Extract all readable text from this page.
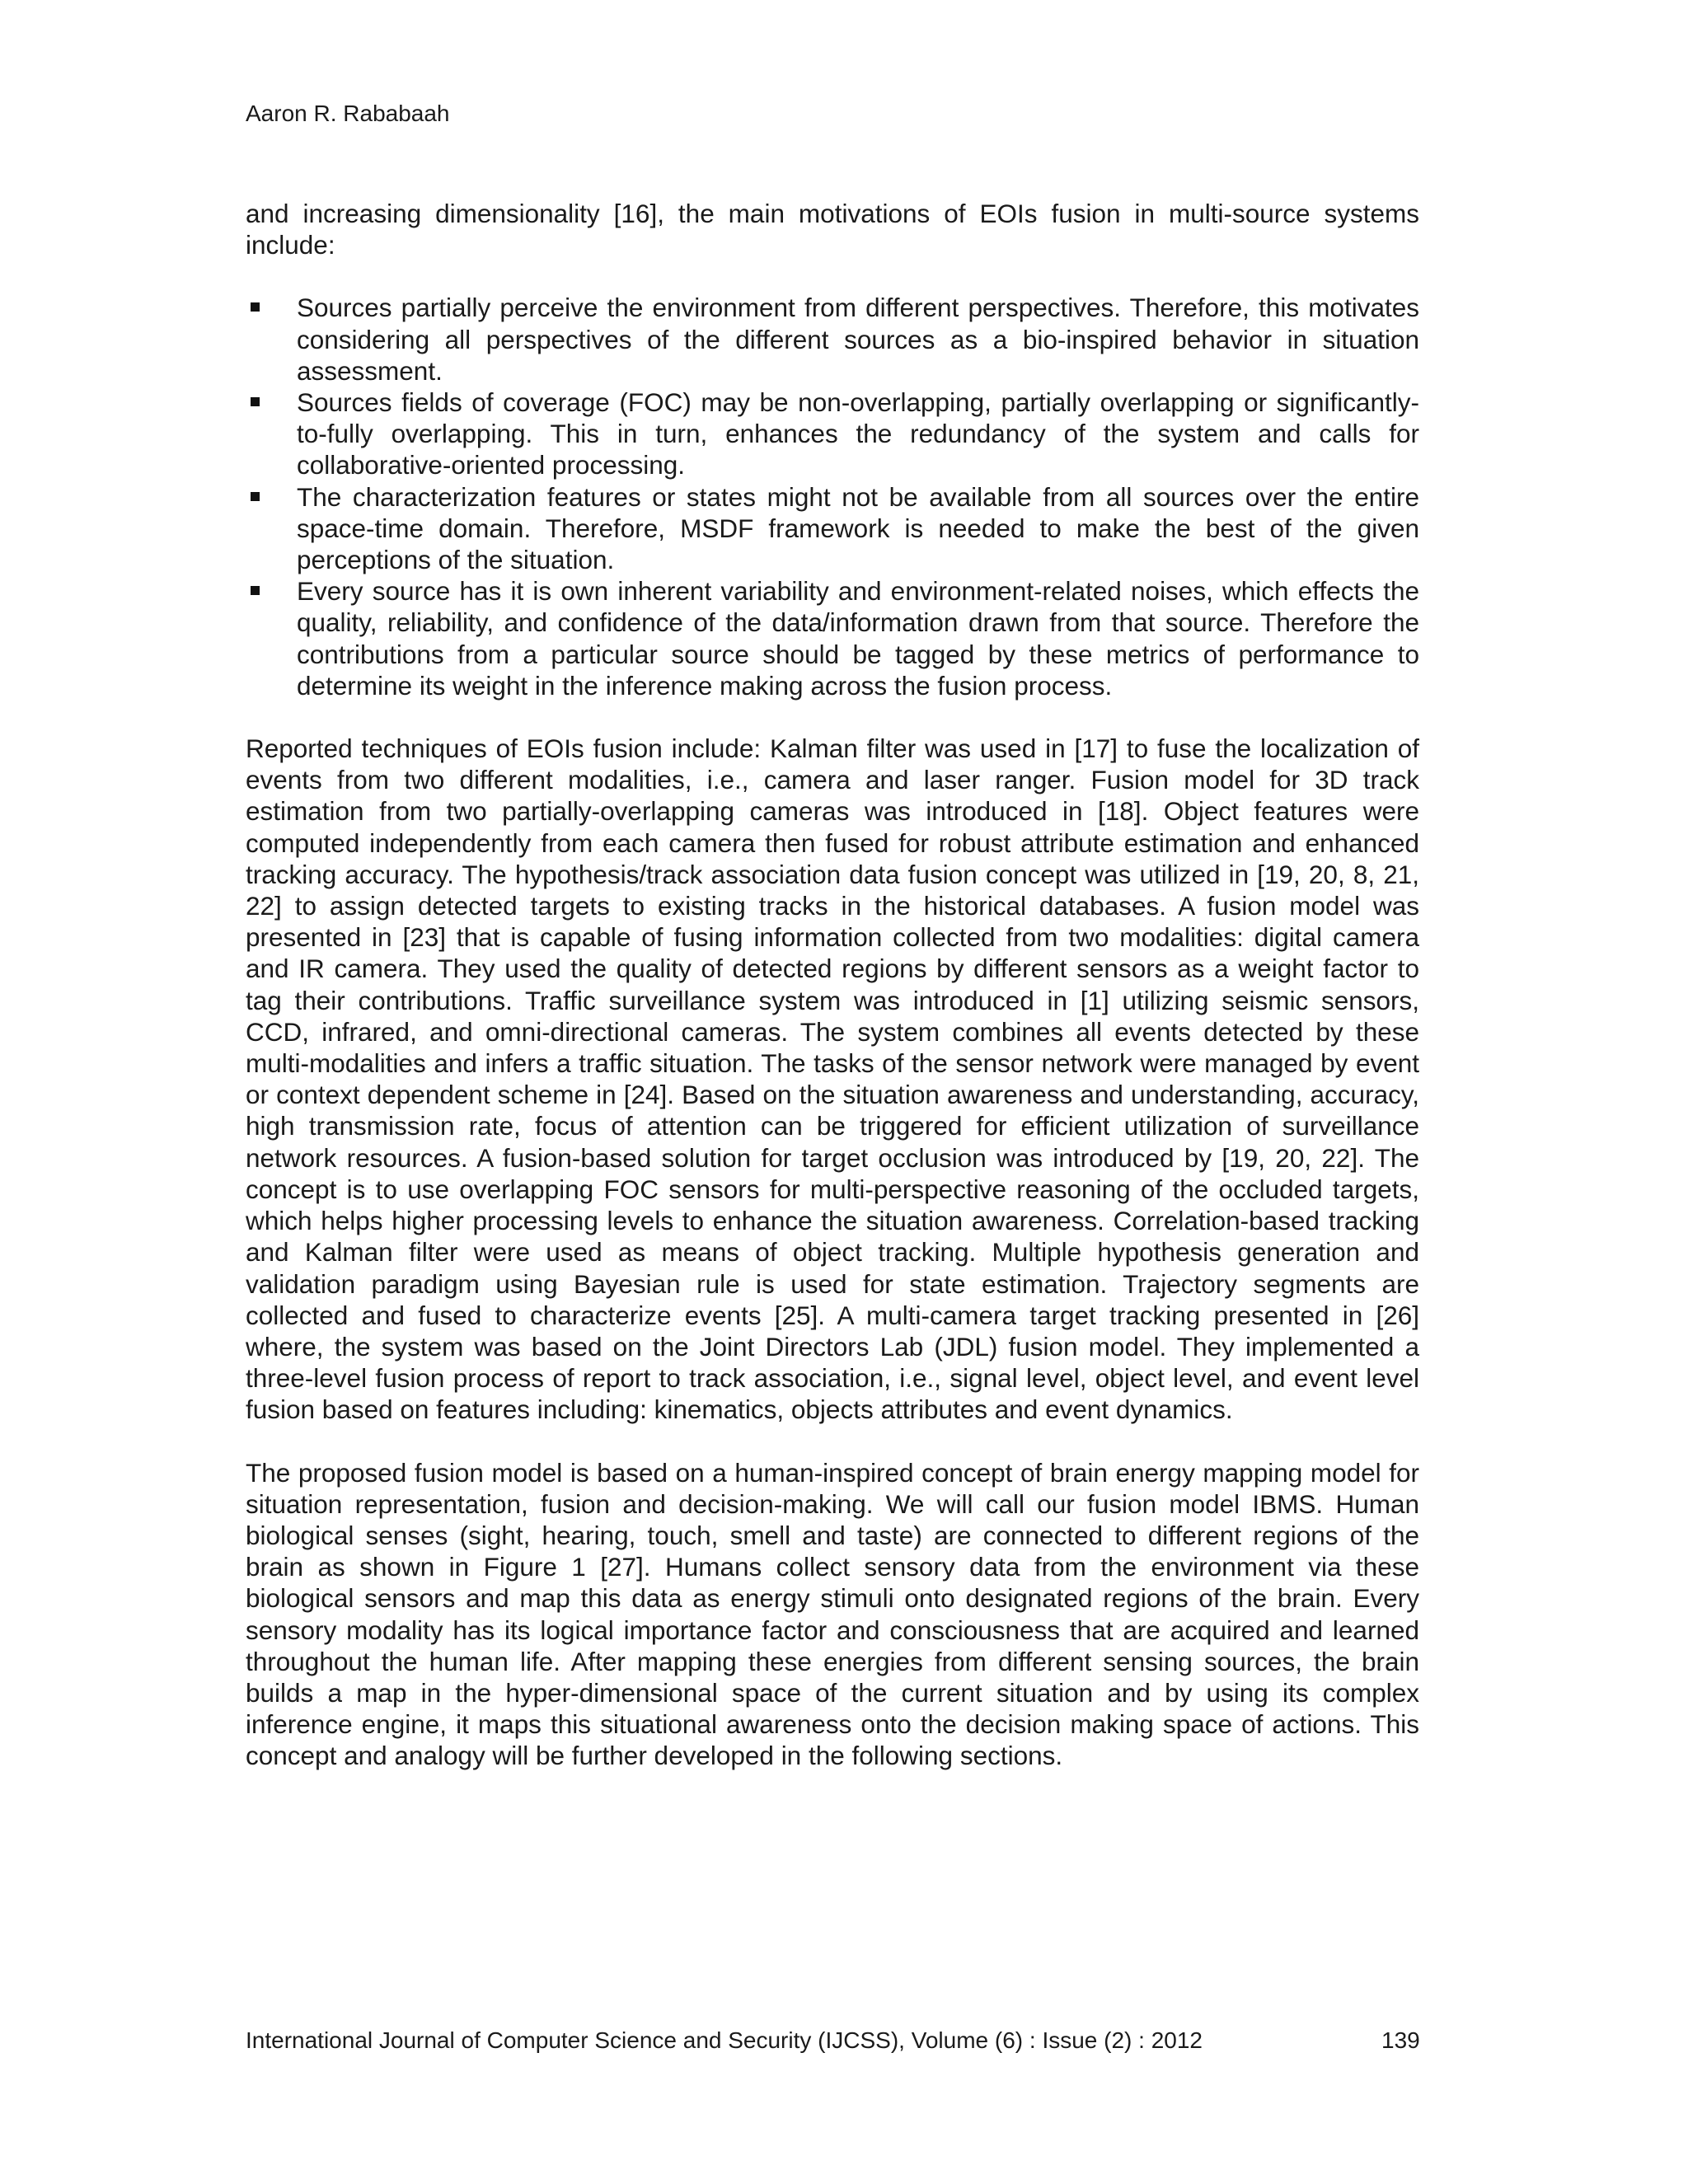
Aaron R. Rababaah

and increasing dimensionality [16], the main motivations of EOIs fusion in multi-source systems include:

Sources partially perceive the environment from different perspectives. Therefore, this motivates considering all perspectives of the different sources as a bio-inspired behavior in situation assessment.
Sources fields of coverage (FOC) may be non-overlapping, partially overlapping or significantly-to-fully overlapping. This in turn, enhances the redundancy of the system and calls for collaborative-oriented processing.
The characterization features or states might not be available from all sources over the entire space-time domain. Therefore, MSDF framework is needed to make the best of the given perceptions of the situation.
Every source has it is own inherent variability and environment-related noises, which effects the quality, reliability, and confidence of the data/information drawn from that source. Therefore the contributions from a particular source should be tagged by these metrics of performance to determine its weight in the inference making across the fusion process.

Reported techniques of EOIs fusion include: Kalman filter was used in [17] to fuse the localization of events from two different modalities, i.e., camera and laser ranger. Fusion model for 3D track estimation from two partially-overlapping cameras was introduced in [18]. Object features were computed independently from each camera then fused for robust attribute estimation and enhanced tracking accuracy. The hypothesis/track association data fusion concept was utilized in [19, 20, 8, 21, 22] to assign detected targets to existing tracks in the historical databases. A fusion model was presented in [23] that is capable of fusing information collected from two modalities: digital camera and IR camera. They used the quality of detected regions by different sensors as a weight factor to tag their contributions. Traffic surveillance system was introduced in [1] utilizing seismic sensors, CCD, infrared, and omni-directional cameras. The system combines all events detected by these multi-modalities and infers a traffic situation. The tasks of the sensor network were managed by event or context dependent scheme in [24]. Based on the situation awareness and understanding, accuracy, high transmission rate, focus of attention can be triggered for efficient utilization of surveillance network resources. A fusion-based solution for target occlusion was introduced by [19, 20, 22]. The concept is to use overlapping FOC sensors for multi-perspective reasoning of the occluded targets, which helps higher processing levels to enhance the situation awareness. Correlation-based tracking and Kalman filter were used as means of object tracking. Multiple hypothesis generation and validation paradigm using Bayesian rule is used for state estimation. Trajectory segments are collected and fused to characterize events [25]. A multi-camera target tracking presented in [26] where, the system was based on the Joint Directors Lab (JDL) fusion model. They implemented a three-level fusion process of report to track association, i.e., signal level, object level, and event level fusion based on features including: kinematics, objects attributes and event dynamics.

The proposed fusion model is based on a human-inspired concept of brain energy mapping model for situation representation, fusion and decision-making. We will call our fusion model IBMS. Human biological senses (sight, hearing, touch, smell and taste) are connected to different regions of the brain as shown in Figure 1 [27]. Humans collect sensory data from the environment via these biological sensors and map this data as energy stimuli onto designated regions of the brain. Every sensory modality has its logical importance factor and consciousness that are acquired and learned throughout the human life. After mapping these energies from different sensing sources, the brain builds a map in the hyper-dimensional space of the current situation and by using its complex inference engine, it maps this situational awareness onto the decision making space of actions. This concept and analogy will be further developed in the following sections.

International Journal of Computer Science and Security (IJCSS), Volume (6) : Issue (2) : 2012	139
